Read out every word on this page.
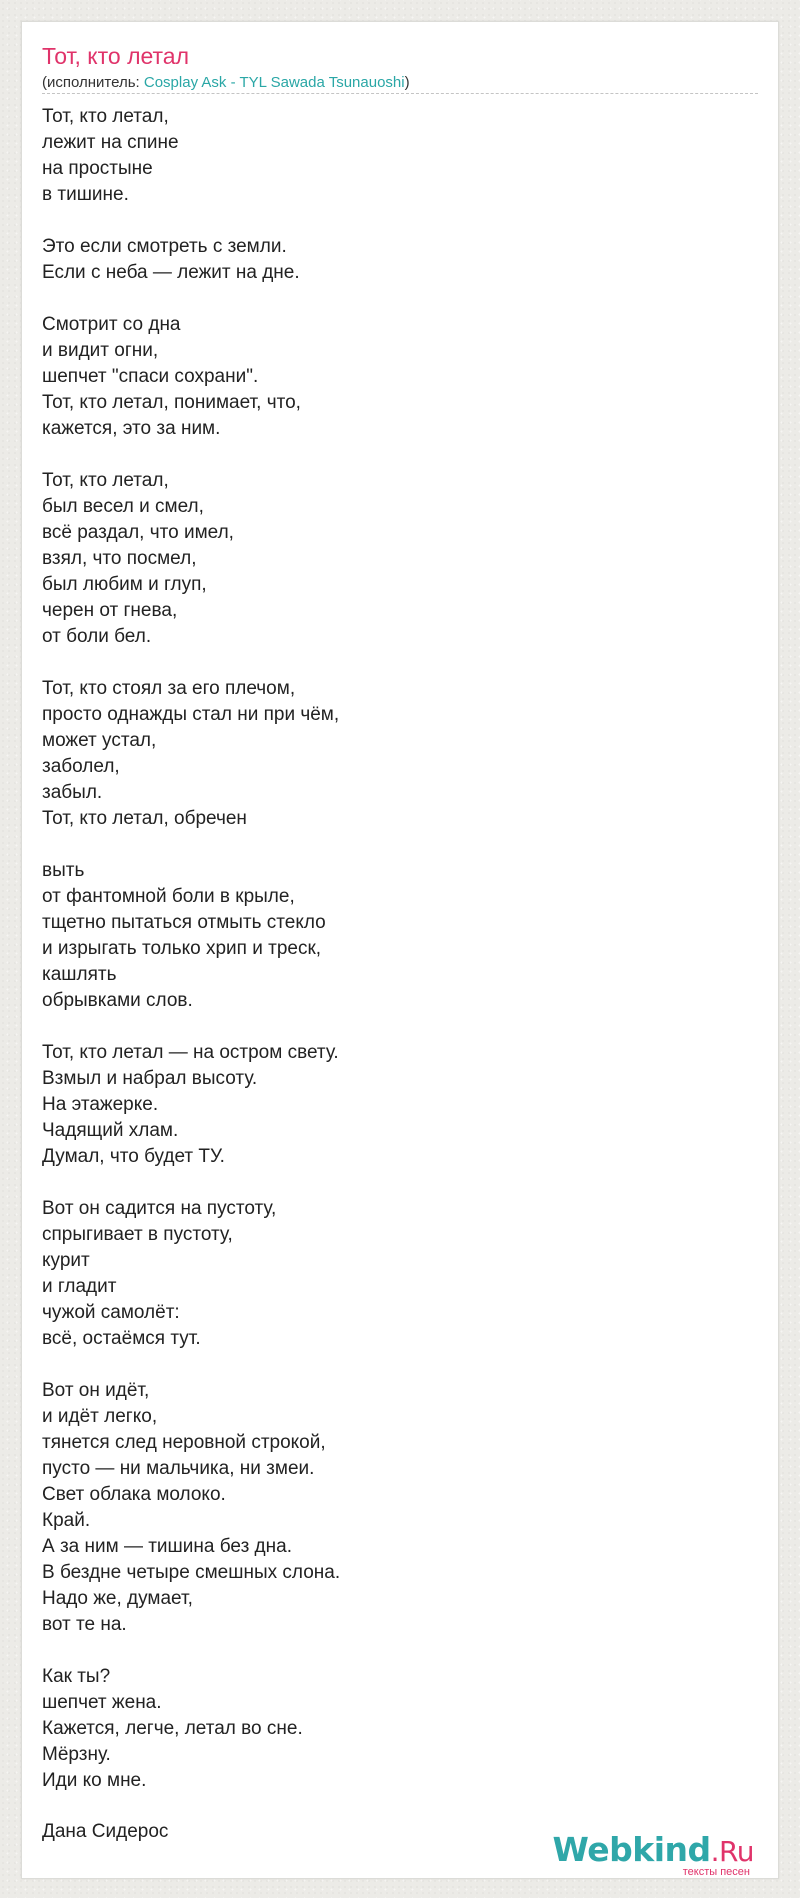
Тот, кто летал
(исполнитель: Cosplay Ask - TYL Sawada Tsunauoshi)
Тот, кто летал,
лежит на спине
на простыне
в тишине.
Это если смотреть с земли.
Если с неба — лежит на дне.
Смотрит со дна
и видит огни,
шепчет "спаси сохрани".
Тот, кто летал, понимает, что,
кажется, это за ним.
Тот, кто летал,
был весел и смел,
всё раздал, что имел,
взял, что посмел,
был любим и глуп,
черен от гнева,
от боли бел.
Тот, кто стоял за его плечом,
просто однажды стал ни при чём,
может устал,
заболел,
забыл.
Тот, кто летал, обречен
выть
от фантомной боли в крыле,
тщетно пытаться отмыть стекло
и изрыгать только хрип и треск,
кашлять
обрывками слов.
Тот, кто летал — на остром свету.
Взмыл и набрал высоту.
На этажерке.
Чадящий хлам.
Думал, что будет ТУ.
Вот он садится на пустоту,
спрыгивает в пустоту,
курит
и гладит
чужой самолёт:
всё, остаёмся тут.
Вот он идёт,
и идёт легко,
тянется след неровной строкой,
пусто — ни мальчика, ни змеи.
Свет облака молоко.
Край.
А за ним — тишина без дна.
В бездне четыре смешных слона.
Надо же, думает,
вот те на.
Как ты?
шепчет жена.
Кажется, легче, летал во сне.
Мёрзну.
Иди ко мне.
Дана Сидерос	Webkind.Ru
тексты песен
